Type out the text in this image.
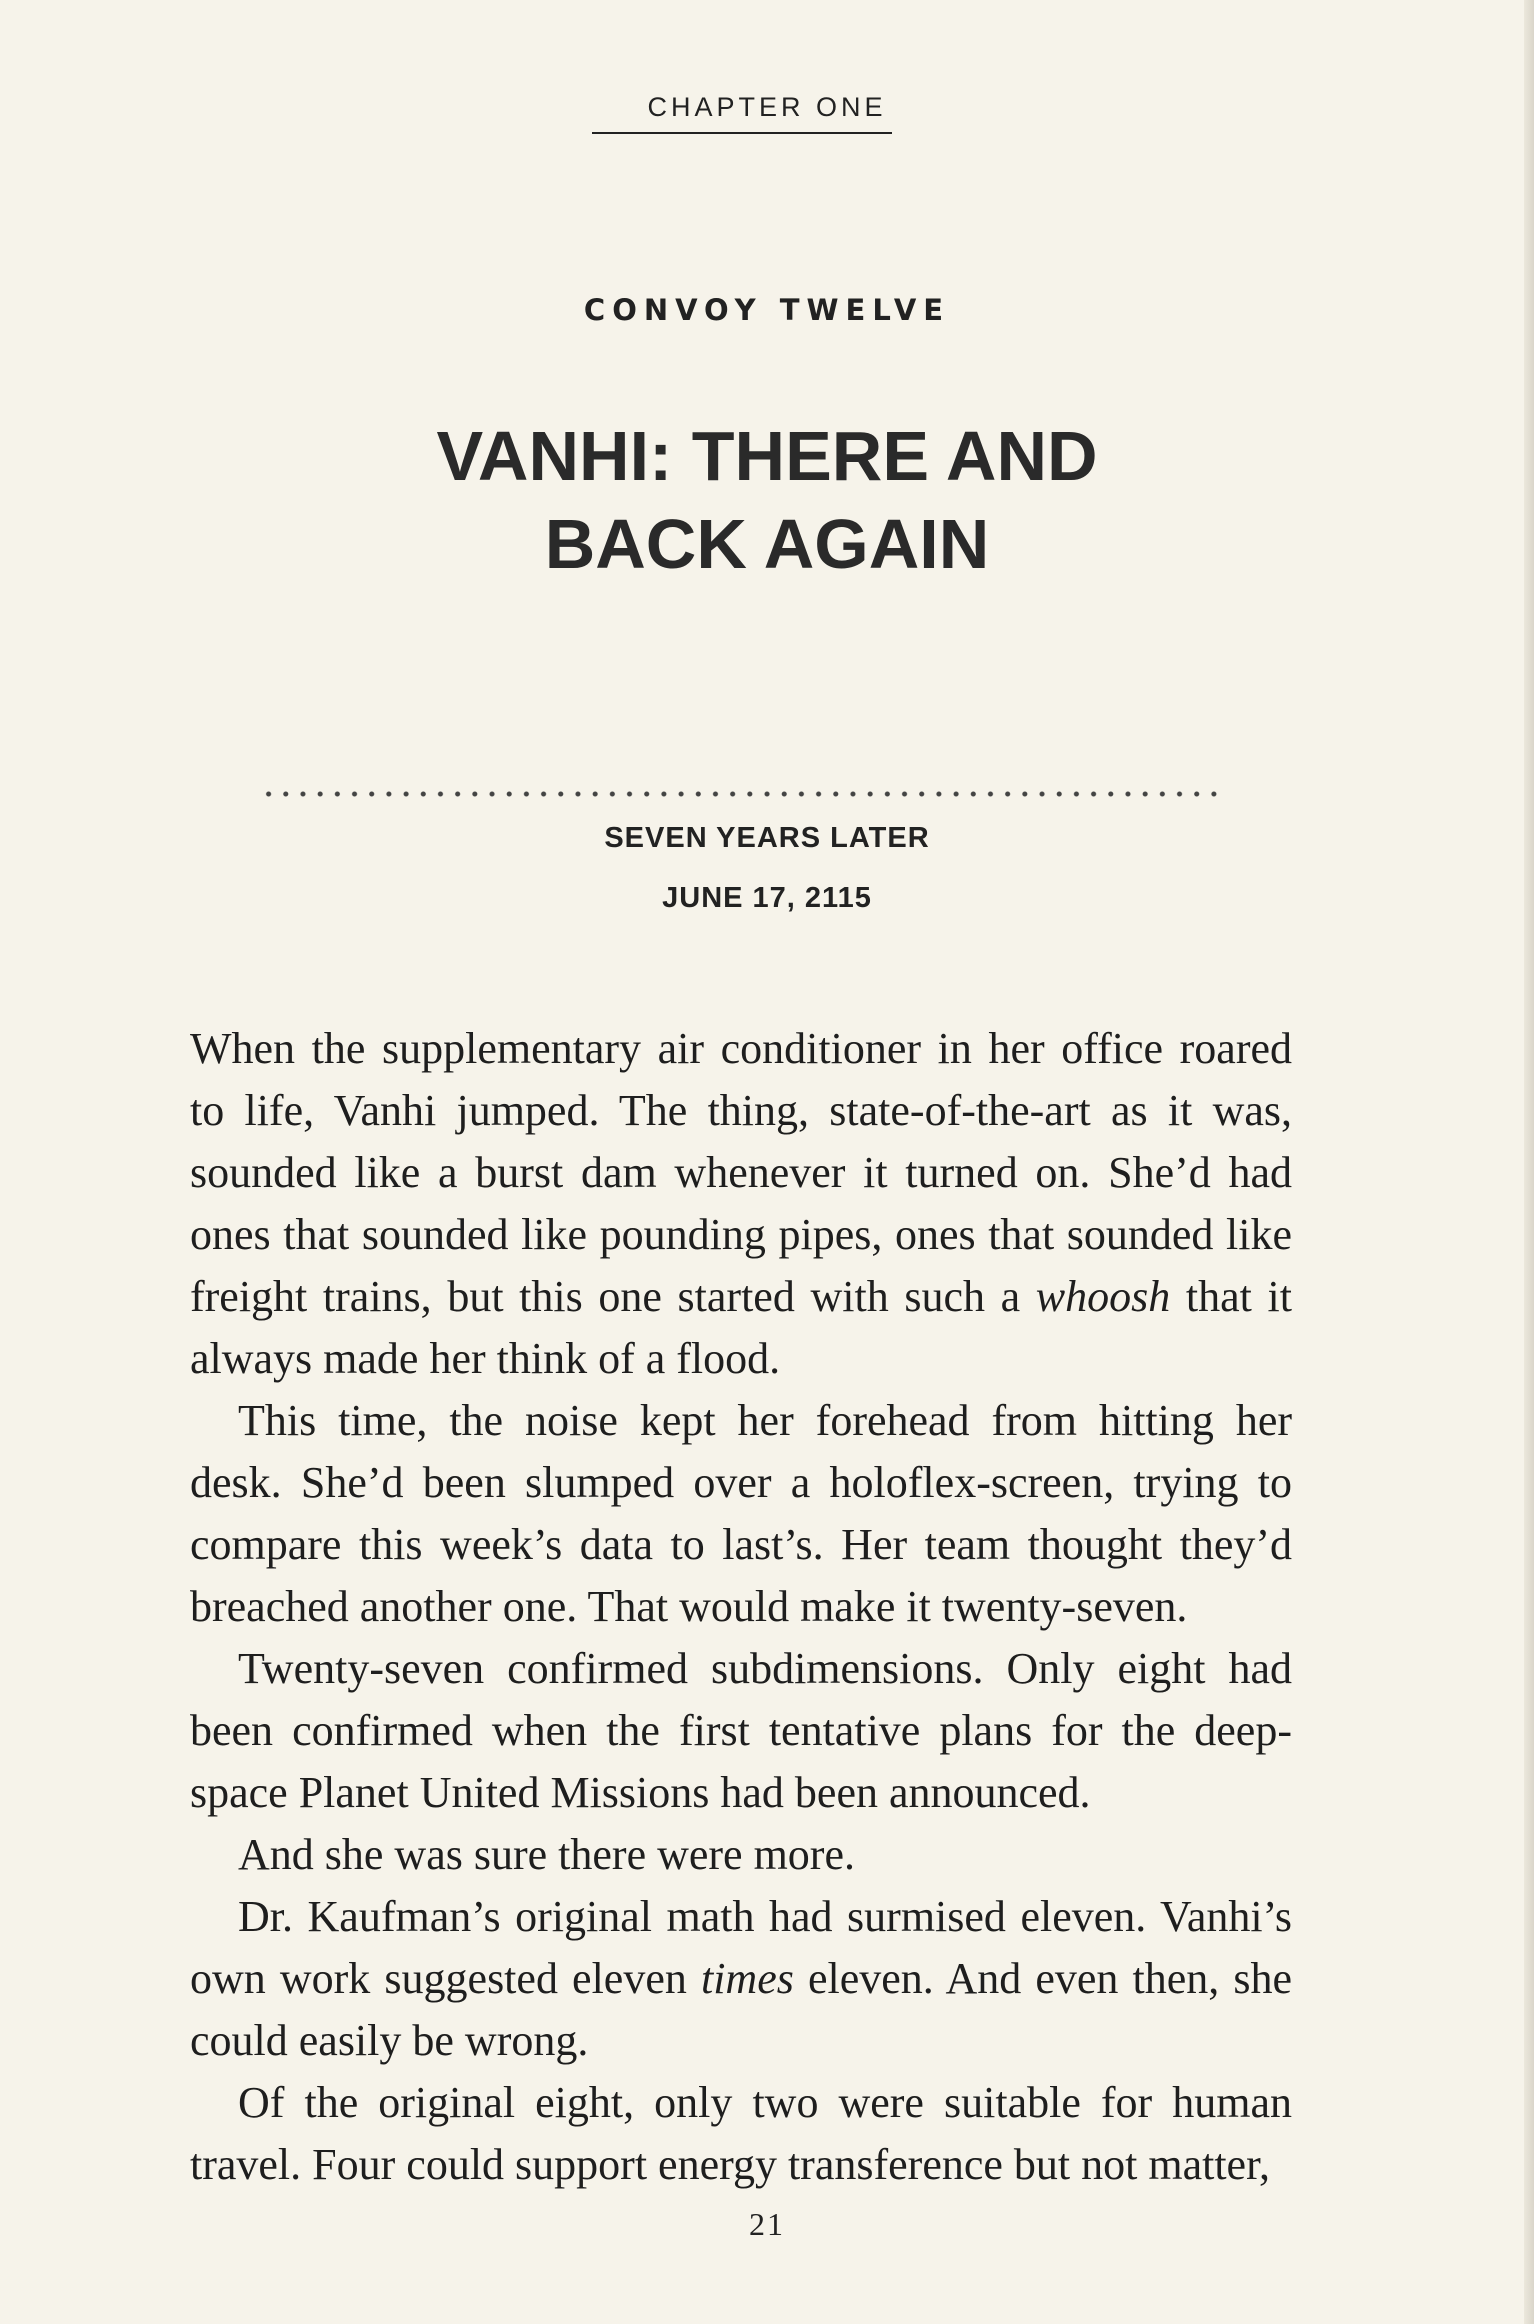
CHAPTER ONE
CONVOY TWELVE
VANHI: THERE AND
BACK AGAIN
SEVEN YEARS LATER
JUNE 17, 2115

When the supplementary air conditioner in her office roared to life, Vanhi jumped. The thing, state-of-the-art as it was, sounded like a burst dam whenever it turned on. She’d had ones that sounded like pounding pipes, ones that sounded like freight trains, but this one started with such a whoosh that it always made her think of a flood.

This time, the noise kept her forehead from hitting her desk. She’d been slumped over a holoflex-screen, trying to compare this week’s data to last’s. Her team thought they’d breached another one. That would make it twenty-seven.

Twenty-seven confirmed subdimensions. Only eight had been confirmed when the first tentative plans for the deep-space Planet United Missions had been announced.

And she was sure there were more.

Dr. Kaufman’s original math had surmised eleven. Vanhi’s own work suggested eleven times eleven. And even then, she could easily be wrong.

Of the original eight, only two were suitable for human travel. Four could support energy transference but not matter,

21
